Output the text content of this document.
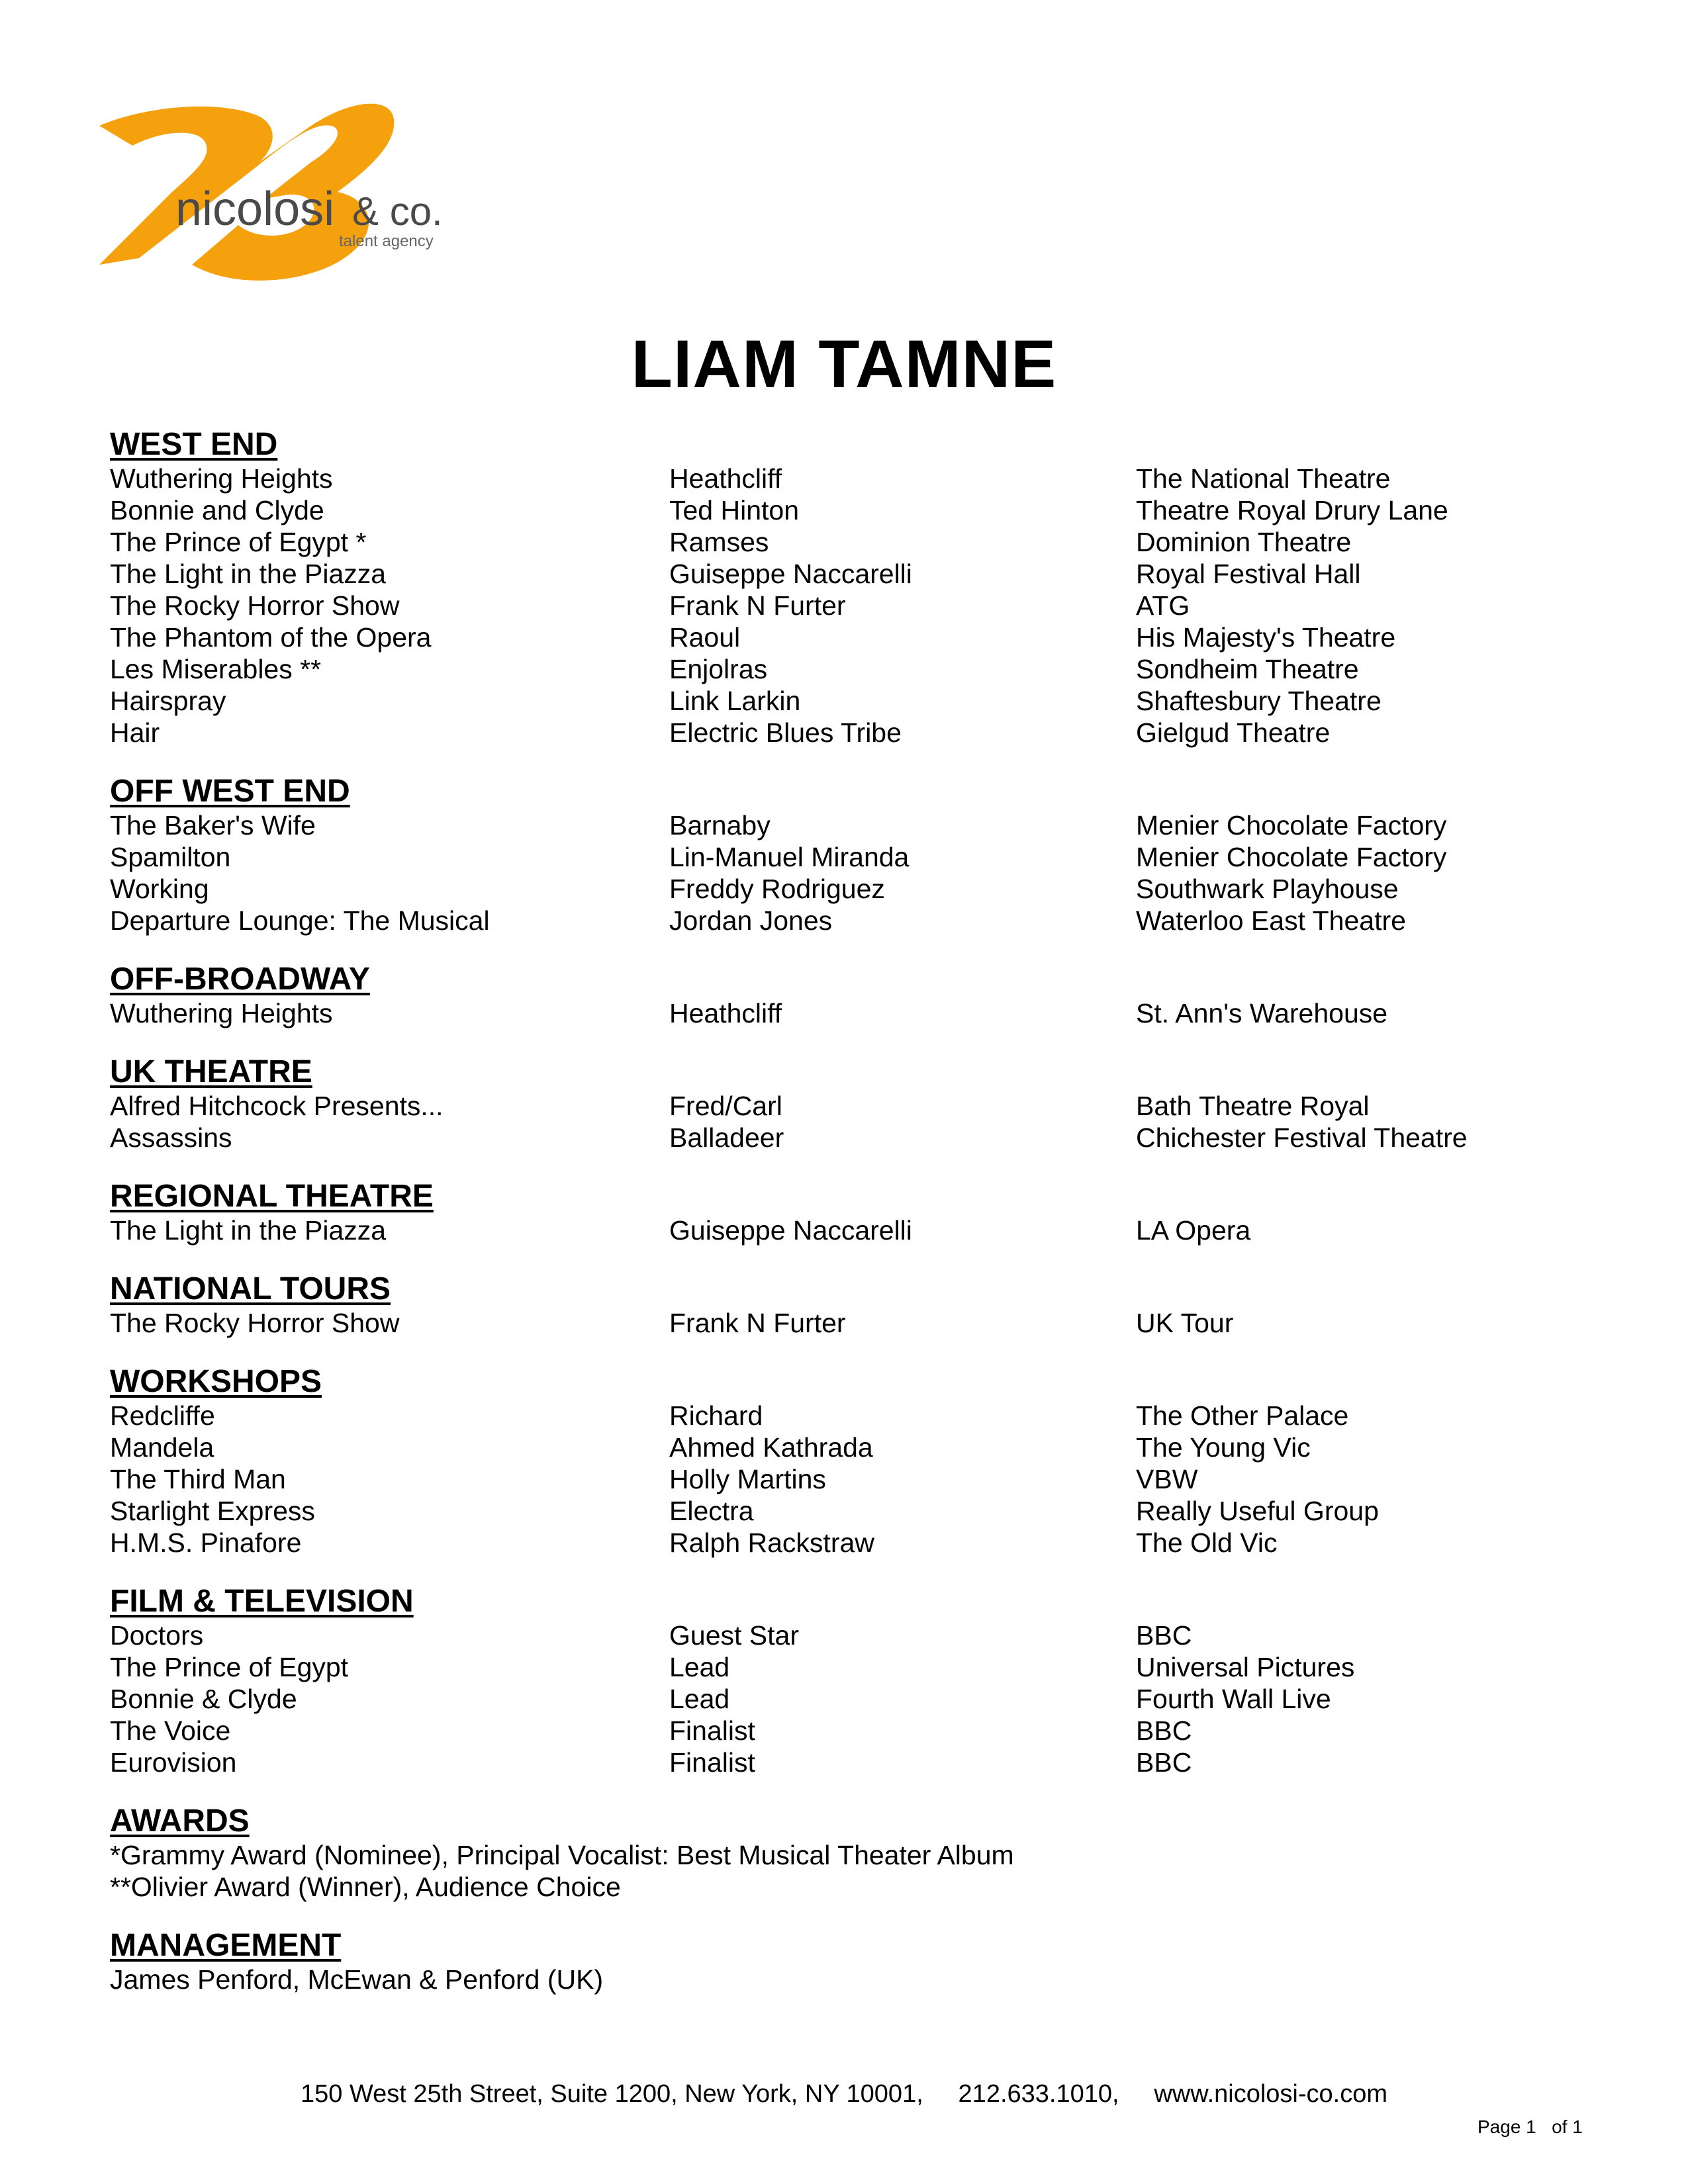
nicolosi & co.
talent agency
LIAM TAMNE
WEST END
Wuthering Heights	Heathcliff	The National Theatre
Bonnie and Clyde	Ted Hinton	Theatre Royal Drury Lane
The Prince of Egypt *	Ramses	Dominion Theatre
The Light in the Piazza	Guiseppe Naccarelli	Royal Festival Hall
The Rocky Horror Show	Frank N Furter	ATG
The Phantom of the Opera	Raoul	His Majesty's Theatre
Les Miserables **	Enjolras	Sondheim Theatre
Hairspray	Link Larkin	Shaftesbury Theatre
Hair	Electric Blues Tribe	Gielgud Theatre
OFF WEST END
The Baker's Wife	Barnaby	Menier Chocolate Factory
Spamilton	Lin-Manuel Miranda	Menier Chocolate Factory
Working	Freddy Rodriguez	Southwark Playhouse
Departure Lounge: The Musical	Jordan Jones	Waterloo East Theatre
OFF-BROADWAY
Wuthering Heights	Heathcliff	St. Ann's Warehouse
UK THEATRE
Alfred Hitchcock Presents...	Fred/Carl	Bath Theatre Royal
Assassins	Balladeer	Chichester Festival Theatre
REGIONAL THEATRE
The Light in the Piazza	Guiseppe Naccarelli	LA Opera
NATIONAL TOURS
The Rocky Horror Show	Frank N Furter	UK Tour
WORKSHOPS
Redcliffe	Richard	The Other Palace
Mandela	Ahmed Kathrada	The Young Vic
The Third Man	Holly Martins	VBW
Starlight Express	Electra	Really Useful Group
H.M.S. Pinafore	Ralph Rackstraw	The Old Vic
FILM & TELEVISION
Doctors	Guest Star	BBC
The Prince of Egypt	Lead	Universal Pictures
Bonnie & Clyde	Lead	Fourth Wall Live
The Voice	Finalist	BBC
Eurovision	Finalist	BBC
AWARDS
*Grammy Award (Nominee), Principal Vocalist: Best Musical Theater Album
**Olivier Award (Winner), Audience Choice
MANAGEMENT
James Penford, McEwan & Penford (UK)
150 West 25th Street, Suite 1200, New York, NY 10001,     212.633.1010,     www.nicolosi-co.com
Page 1   of 1
